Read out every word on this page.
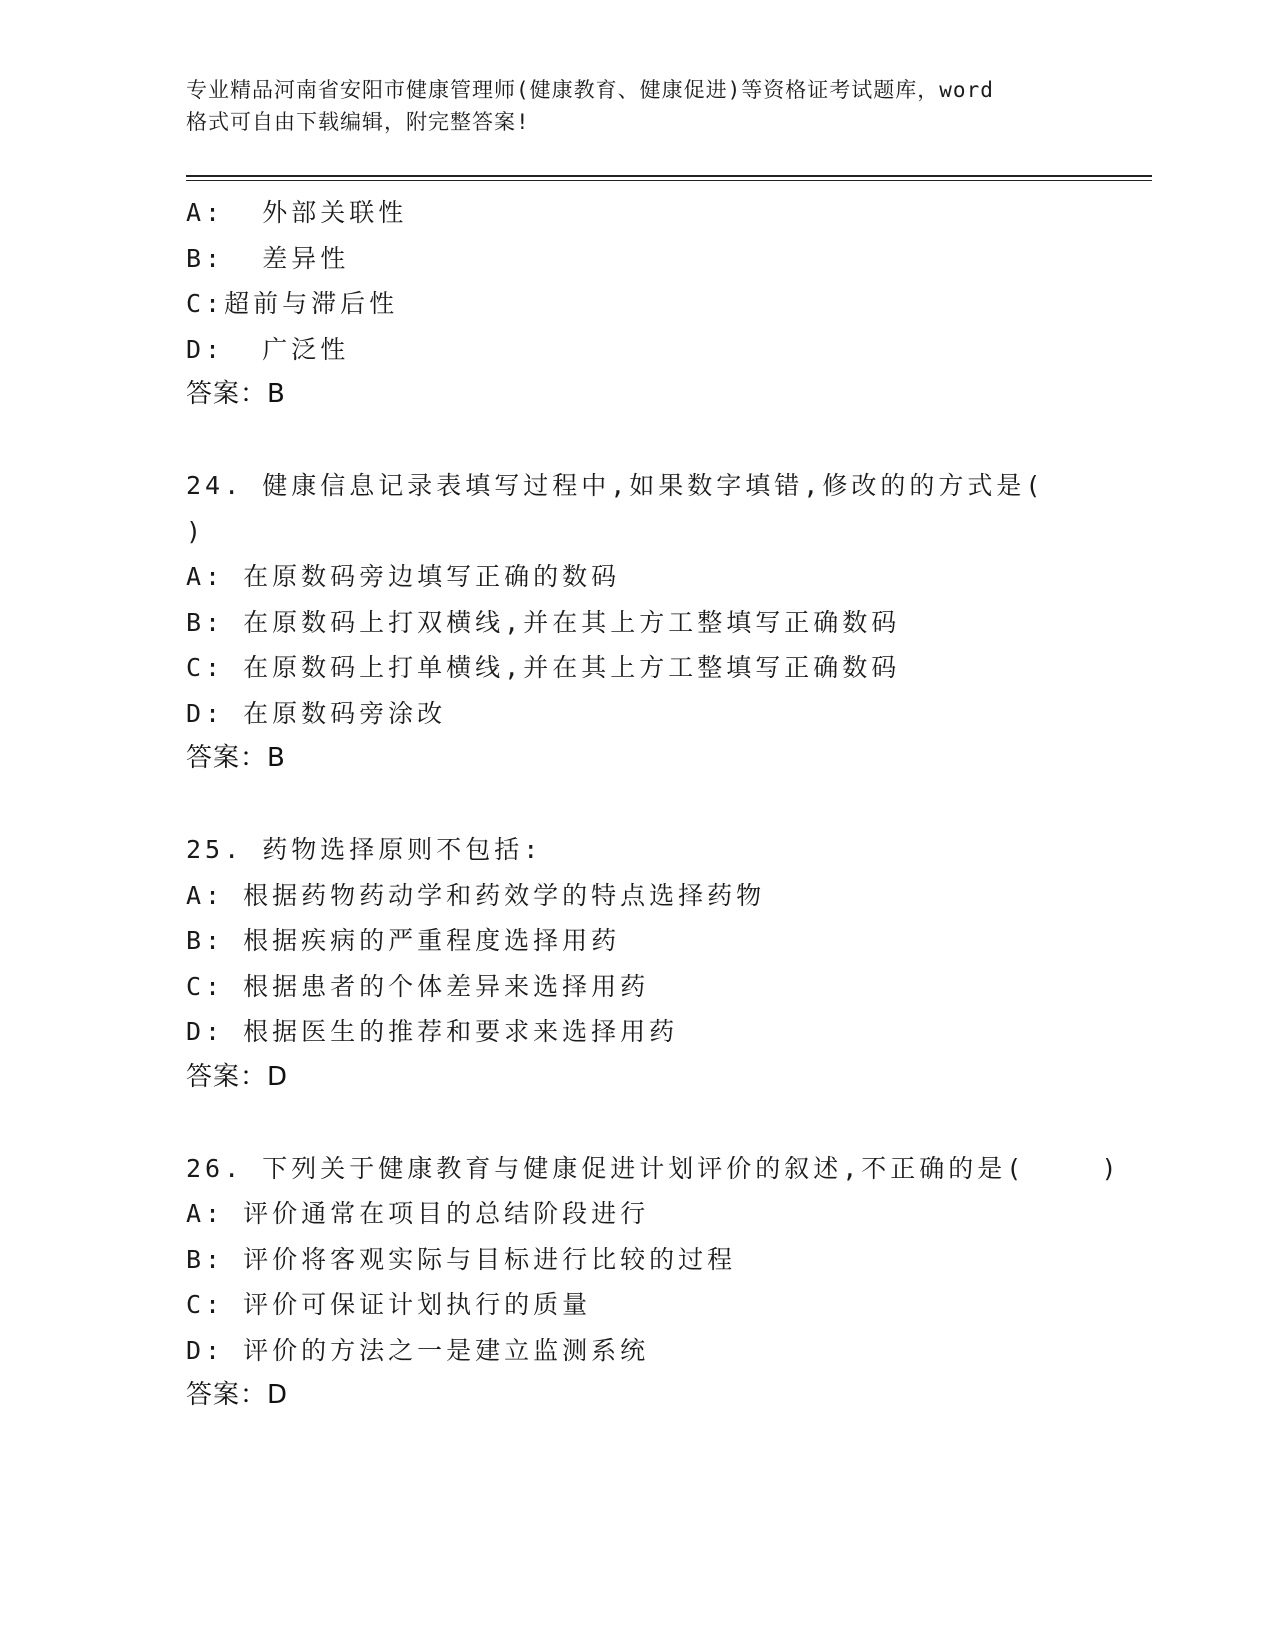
专业精品河南省安阳市健康管理师(健康教育、健康促进)等资格证考试题库，word
格式可自由下载编辑，附完整答案!
A:  外部关联性
B:  差异性
C:超前与滞后性
D:  广泛性
答案：B
24. 健康信息记录表填写过程中,如果数字填错,修改的的方式是(
)
A: 在原数码旁边填写正确的数码
B: 在原数码上打双横线,并在其上方工整填写正确数码
C: 在原数码上打单横线,并在其上方工整填写正确数码
D: 在原数码旁涂改
答案：B
25. 药物选择原则不包括:
A: 根据药物药动学和药效学的特点选择药物
B: 根据疾病的严重程度选择用药
C: 根据患者的个体差异来选择用药
D: 根据医生的推荐和要求来选择用药
答案：D
26. 下列关于健康教育与健康促进计划评价的叙述,不正确的是(    )
A: 评价通常在项目的总结阶段进行
B: 评价将客观实际与目标进行比较的过程
C: 评价可保证计划执行的质量
D: 评价的方法之一是建立监测系统
答案：D
